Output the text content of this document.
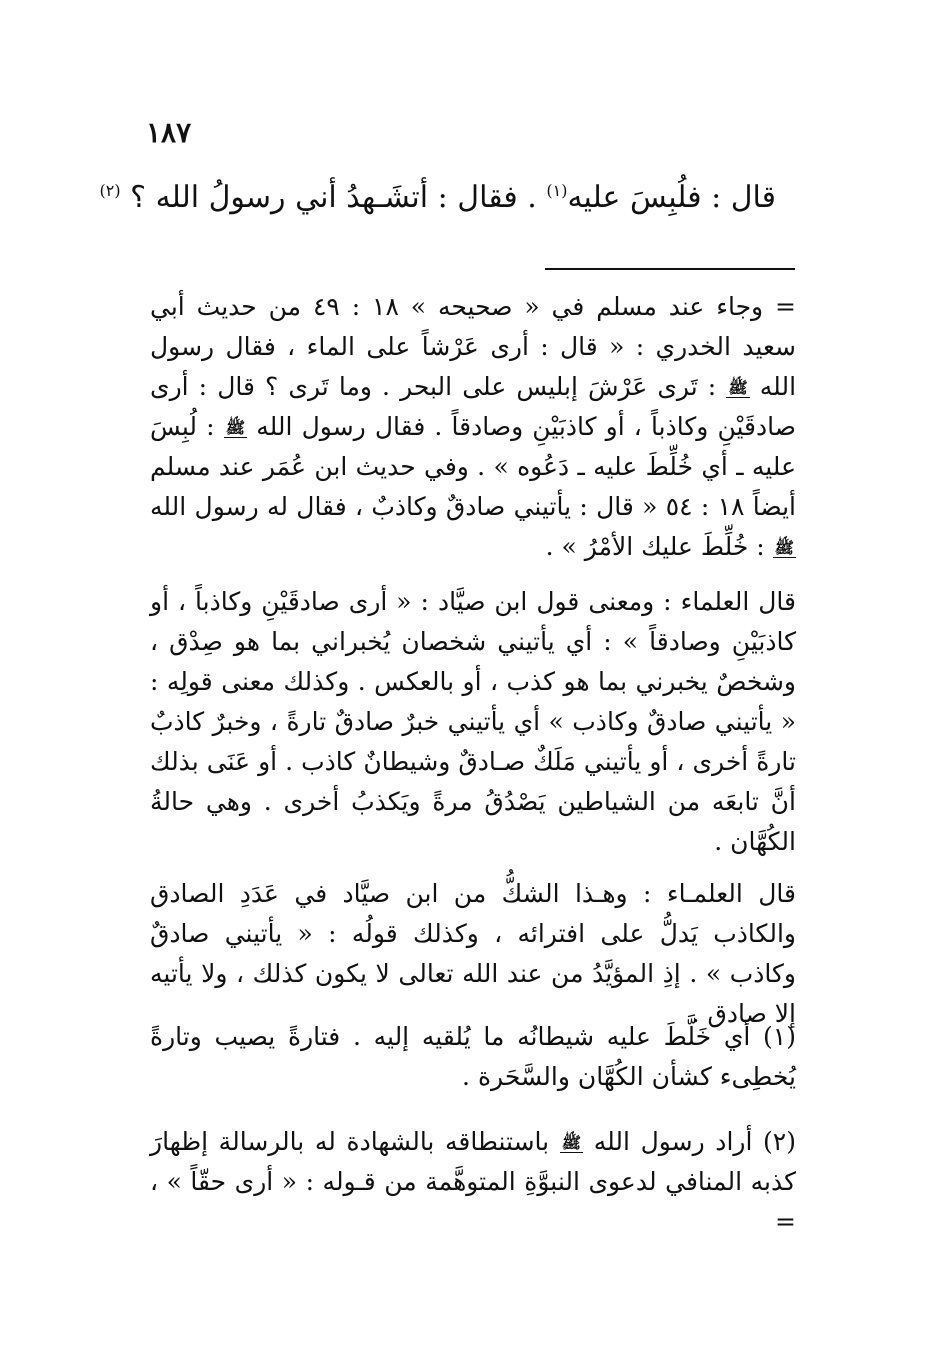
١٨٧
قال : فلُبِسَ عليه$^{(١)}$ . فقال : أتشَـهدُ أني رسولُ الله ؟ $^{(٢)}$

= وجاء عند مسلم في « صحيحه » ١٨ : ٤٩ من حديث أبي سعيد الخدري : « قال : أرى عَرْشاً على الماء ، فقال رسول الله ﷺ : تَرى عَرْشَ إبليس على البحر . وما تَرى ؟ قال : أرى صادقَيْنِ وكاذباً ، أو كاذبَيْنِ وصادقاً . فقال رسول الله ﷺ : لُبِسَ عليه ـ أي خُلِّطَ عليه ـ دَعُوه » . وفي حديث ابن عُمَر عند مسلم أيضاً ١٨ : ٥٤ « قال : يأتيني صادقٌ وكاذبٌ ، فقال له رسول الله ﷺ : خُلِّطَ عليك الأمْرُ » .

قال العلماء : ومعنى قول ابن صيَّاد : « أرى صادقَيْنِ وكاذباً ، أو كاذبَيْنِ وصادقاً » : أي يأتيني شخصان يُخبراني بما هو صِدْق ، وشخصٌ يخبرني بما هو كذب ، أو بالعكس . وكذلك معنى قولِه : « يأتيني صادقٌ وكاذب » أي يأتيني خبرٌ صادقٌ تارةً ، وخبرٌ كاذبٌ تارةً أخرى ، أو يأتيني مَلَكٌ صـادقٌ وشيطانٌ كاذب . أو عَنَى بذلك أنَّ تابعَه من الشياطين يَصْدُقُ مرةً ويَكذبُ أخرى . وهي حالةُ الكُهَّان .

قال العلمـاء : وهـذا الشكُّ من ابن صيَّاد في عَدَدِ الصادق والكاذب يَدلُّ على افترائه ، وكذلك قولُه : « يأتيني صادقٌ وكاذب » . إذِ المؤيَّدُ من عند الله تعالى لا يكون كذلك ، ولا يأتيه إلا صادق .

(١) أي خَلَّطَ عليه شيطانُه ما يُلقيه إليه . فتارةً يصيب وتارةً يُخطِىء كشأن الكُهَّان والسَّحَرة .

(٢) أراد رسول الله ﷺ باستنطاقه بالشهادة له بالرسالة إظهارَ كذبه المنافي لدعوى النبوَّةِ المتوهَّمة من قـوله : « أرى حقّاً » ، =
